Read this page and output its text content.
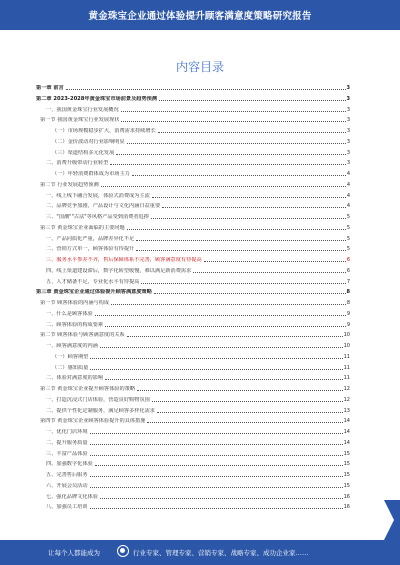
黄金珠宝企业通过体验提升顾客满意度策略研究报告
内容目录
第一章 前言	3
第二章 2023-2028年黄金珠宝市场前景及趋势预测	3
一、我国黄金珠宝行业发展概况	3
第一节 我国黄金珠宝行业发展现状	3
（一）市场规模稳步扩大，消费需求持续增长	3
（二）金价波动对行业影响明显	3
（三）渠道结构多元化发展	3
二、消费升级带动行业转型	3
（一）年轻消费群体成为市场主力	4
第二节 行业发展趋势预测	4
一、线上线下融合发展，体验式消费成为主流	4
二、品牌竞争加剧，产品设计与文化内涵日益重要	4
三、"国潮""古法"等风格产品受到消费者追捧	5
第三节 黄金珠宝企业面临的主要问题	5
一、产品同质化严重，品牌差异化不足	5
二、营销方式单一，顾客体验有待提升	5
三、服务水平参差不齐，售后保障体系不完善，顾客满意度有待提高	6
四、线上渠道建设滞后，数字化转型缓慢，难以满足新消费需求	6
五、人才储备不足，专业化水平有待提高	7
第三章 黄金珠宝企业通过体验提升顾客满意度策略	8
第一节 顾客体验的内涵与构成	8
一、什么是顾客体验	9
二、顾客体验的构成要素	9
第二节 顾客体验与顾客满意度的关系	10
一、顾客满意度的内涵	10
（一）顾客期望	11
（二）感知质量	11
二、体验对满意度的影响	11
第三节 黄金珠宝企业提升顾客体验的策略	12
一、打造沉浸式门店体验，营造良好购物氛围	12
二、提供个性化定制服务，满足顾客多样化需求	13
第四节 黄金珠宝企业顾客体验提升的具体措施	14
一、优化门店环境	14
二、提升服务质量	14
三、丰富产品体验	15
四、加强数字化体验	15
五、完善售后服务	15
六、开展会员活动	15
七、强化品牌文化体验	16
八、加强员工培训	16
让每个人都能成为	行业专家、管理专家、营销专家、战略专家、成功企业家……
